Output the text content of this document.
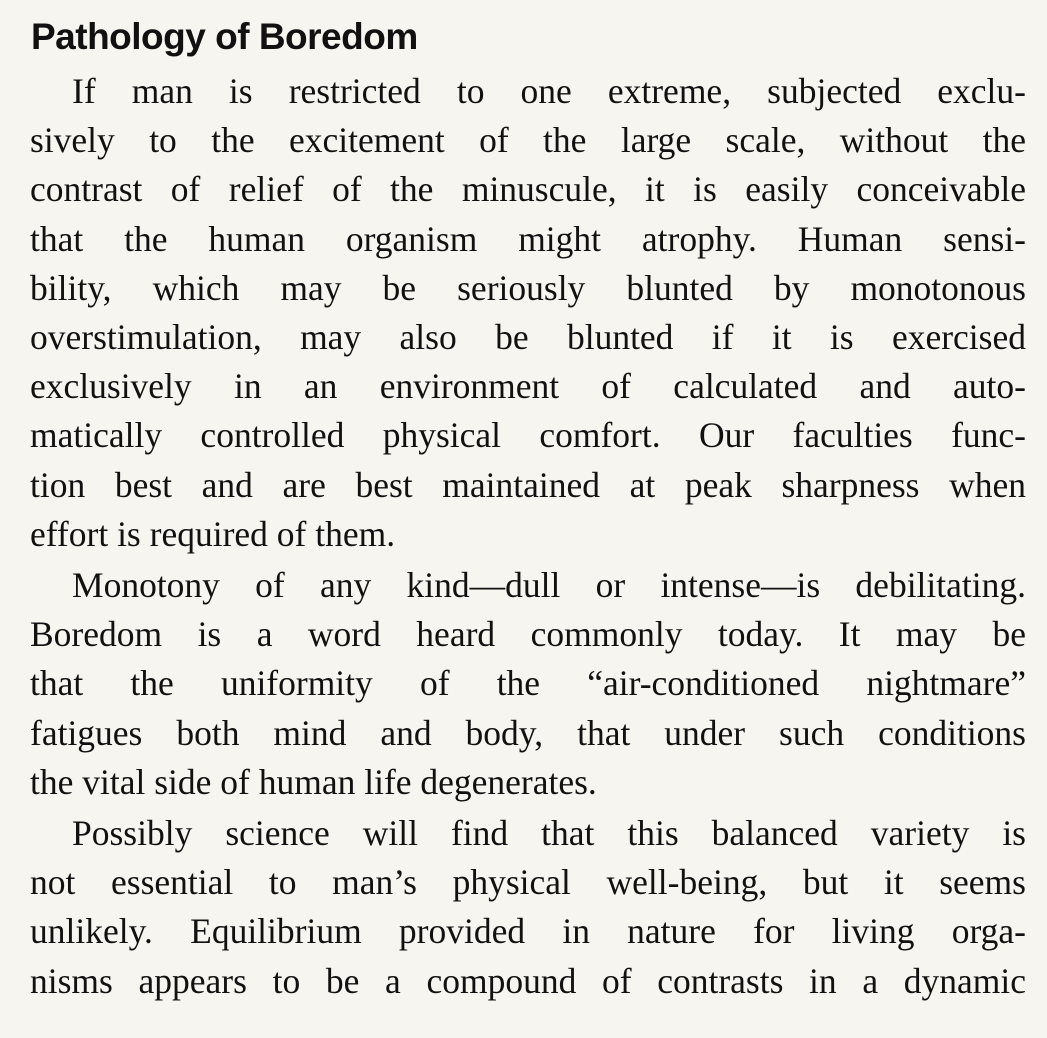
Pathology of Boredom

If man is restricted to one extreme, subjected exclu-

sively to the excitement of the large scale, without the

contrast of relief of the minuscule, it is easily conceivable

that the human organism might atrophy. Human sensi-

bility, which may be seriously blunted by monotonous

overstimulation, may also be blunted if it is exercised

exclusively in an environment of calculated and auto-

matically controlled physical comfort. Our faculties func-

tion best and are best maintained at peak sharpness when

effort is required of them.

Monotony of any kind—dull or intense—is debilitating.

Boredom is a word heard commonly today. It may be

that the uniformity of the “air-conditioned nightmare”

fatigues both mind and body, that under such conditions

the vital side of human life degenerates.

Possibly science will find that this balanced variety is

not essential to man’s physical well-being, but it seems

unlikely. Equilibrium provided in nature for living orga-

nisms appears to be a compound of contrasts in a dynamic
